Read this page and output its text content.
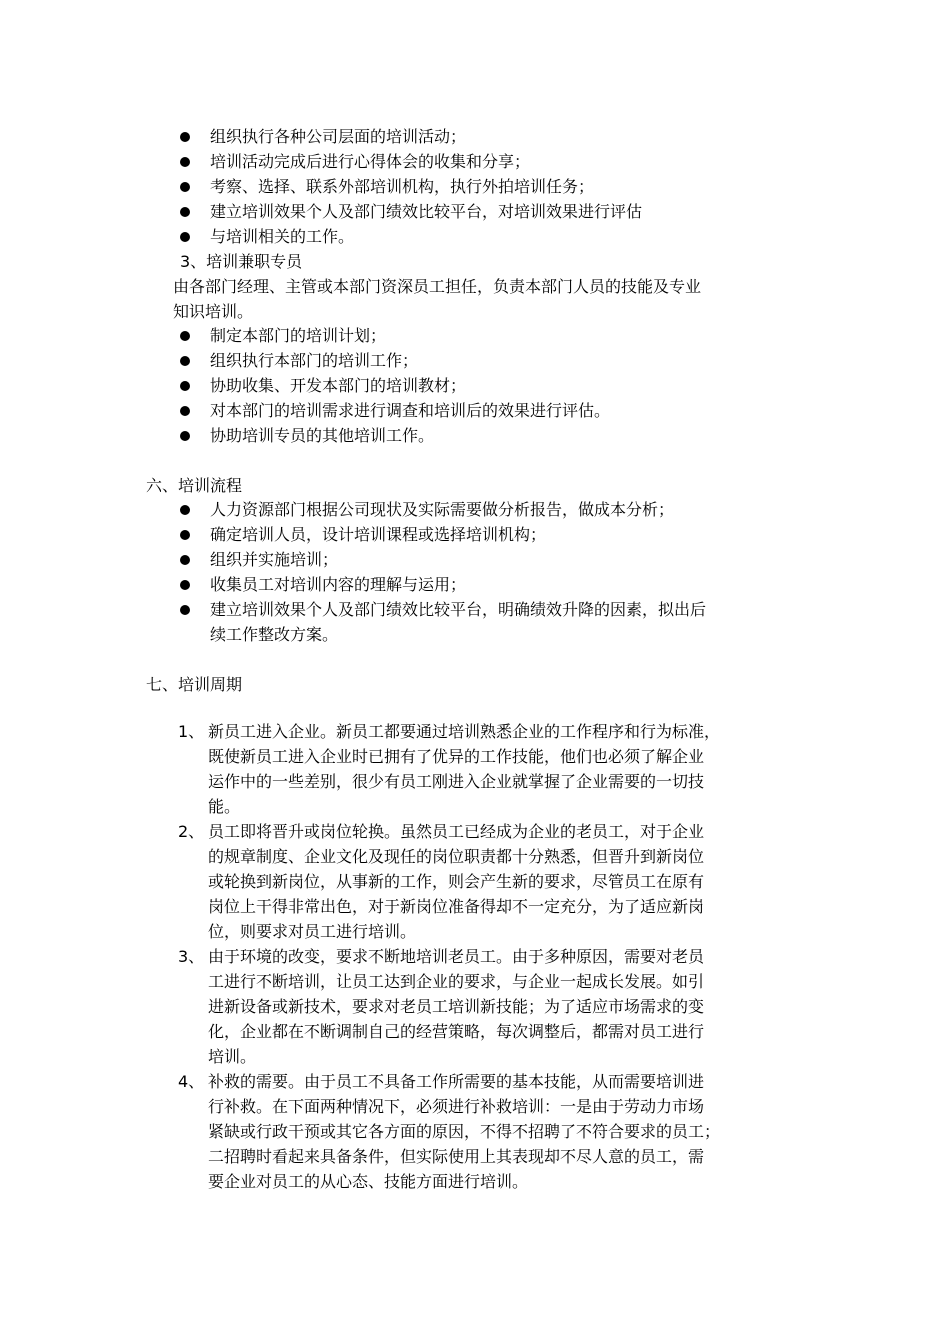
组织执行各种公司层面的培训活动；
培训活动完成后进行心得体会的收集和分享；
考察、选择、联系外部培训机构，执行外拍培训任务；
建立培训效果个人及部门绩效比较平台，对培训效果进行评估
与培训相关的工作。
3、培训兼职专员
由各部门经理、主管或本部门资深员工担任，负责本部门人员的技能及专业
知识培训。
制定本部门的培训计划；
组织执行本部门的培训工作；
协助收集、开发本部门的培训教材；
对本部门的培训需求进行调查和培训后的效果进行评估。
协助培训专员的其他培训工作。
六、培训流程
人力资源部门根据公司现状及实际需要做分析报告，做成本分析；
确定培训人员，设计培训课程或选择培训机构；
组织并实施培训；
收集员工对培训内容的理解与运用；
建立培训效果个人及部门绩效比较平台，明确绩效升降的因素，拟出后
续工作整改方案。
七、培训周期
1、 新员工进入企业。新员工都要通过培训熟悉企业的工作程序和行为标准，
既使新员工进入企业时已拥有了优异的工作技能，他们也必须了解企业
运作中的一些差别，很少有员工刚进入企业就掌握了企业需要的一切技
能。
2、 员工即将晋升或岗位轮换。虽然员工已经成为企业的老员工，对于企业
的规章制度、企业文化及现任的岗位职责都十分熟悉，但晋升到新岗位
或轮换到新岗位，从事新的工作，则会产生新的要求，尽管员工在原有
岗位上干得非常出色，对于新岗位准备得却不一定充分，为了适应新岗
位，则要求对员工进行培训。
3、 由于环境的改变，要求不断地培训老员工。由于多种原因，需要对老员
工进行不断培训，让员工达到企业的要求，与企业一起成长发展。如引
进新设备或新技术，要求对老员工培训新技能；为了适应市场需求的变
化，企业都在不断调制自己的经营策略，每次调整后，都需对员工进行
培训。
4、 补救的需要。由于员工不具备工作所需要的基本技能，从而需要培训进
行补救。在下面两种情况下，必须进行补救培训：一是由于劳动力市场
紧缺或行政干预或其它各方面的原因，不得不招聘了不符合要求的员工；
二招聘时看起来具备条件，但实际使用上其表现却不尽人意的员工，需
要企业对员工的从心态、技能方面进行培训。
